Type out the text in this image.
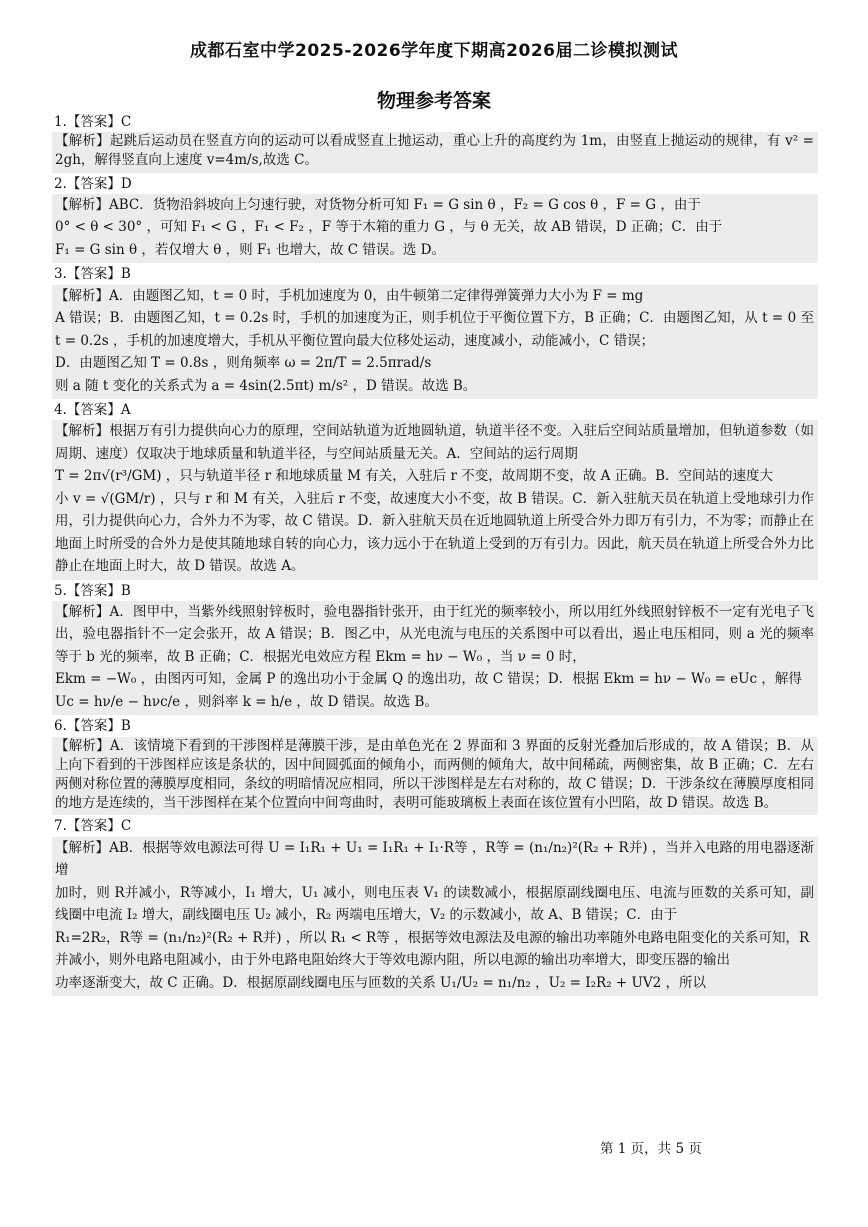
成都石室中学2025-2026学年度下期高2026届二诊模拟测试
物理参考答案
1.【答案】C

【解析】起跳后运动员在竖直方向的运动可以看成竖直上抛运动，重心上升的高度约为 1m，由竖直上抛运动的规律，有 v² = 2gh，解得竖直向上速度 v=4m/s,故选 C。

2.【答案】D

【解析】ABC．货物沿斜坡向上匀速行驶，对货物分析可知 F₁ = G sin θ ，F₂ = G cos θ ，F = G ，由于

0° < θ < 30° ，可知 F₁ < G ，F₁ < F₂ ，F 等于木箱的重力 G ，与 θ 无关，故 AB 错误，D 正确；C．由于

F₁ = G sin θ ，若仅增大 θ ，则 F₁ 也增大，故 C 错误。选 D。

3.【答案】B

【解析】A．由题图乙知，t = 0 时，手机加速度为 0，由牛顿第二定律得弹簧弹力大小为 F = mg

A 错误；B．由题图乙知，t = 0.2s 时，手机的加速度为正，则手机位于平衡位置下方，B 正确；C．由题图乙知，从 t = 0 至 t = 0.2s ，手机的加速度增大，手机从平衡位置向最大位移处运动，速度减小，动能减小，C 错误；

D．由题图乙知 T = 0.8s ，则角频率 ω = 2π/T = 2.5πrad/s

则 a 随 t 变化的关系式为 a = 4sin(2.5πt) m/s² ，D 错误。故选 B。

4.【答案】A

【解析】根据万有引力提供向心力的原理，空间站轨道为近地圆轨道，轨道半径不变。入驻后空间站质量增加，但轨道参数（如周期、速度）仅取决于地球质量和轨道半径，与空间站质量无关。A．空间站的运行周期

T = 2π√(r³/GM) ，只与轨道半径 r 和地球质量 M 有关，入驻后 r 不变，故周期不变，故 A 正确。B．空间站的速度大

小 v = √(GM/r) ，只与 r 和 M 有关，入驻后 r 不变，故速度大小不变，故 B 错误。C．新入驻航天员在轨道上受地球引力作用，引力提供向心力，合外力不为零，故 C 错误。D．新入驻航天员在近地圆轨道上所受合外力即万有引力，不为零；而静止在地面上时所受的合外力是使其随地球自转的向心力，该力远小于在轨道上受到的万有引力。因此，航天员在轨道上所受合外力比静止在地面上时大，故 D 错误。故选 A。

5.【答案】B

【解析】A．图甲中，当紫外线照射锌板时，验电器指针张开，由于红光的频率较小，所以用红外线照射锌板不一定有光电子飞出，验电器指针不一定会张开，故 A 错误；B．图乙中，从光电流与电压的关系图中可以看出，遏止电压相同，则 a 光的频率等于 b 光的频率，故 B 正确；C．根据光电效应方程 Ekm = hν − W₀ ，当 ν = 0 时，

Ekm = −W₀ ，由图丙可知，金属 P 的逸出功小于金属 Q 的逸出功，故 C 错误；D．根据 Ekm = hν − W₀ = eUc ，解得

Uc = hν/e − hνc/e ，则斜率 k = h/e ，故 D 错误。故选 B。

6.【答案】B

【解析】A．该情境下看到的干涉图样是薄膜干涉，是由单色光在 2 界面和 3 界面的反射光叠加后形成的，故 A 错误；B．从上向下看到的干涉图样应该是条状的，因中间圆弧面的倾角小，而两侧的倾角大，故中间稀疏，两侧密集，故 B 正确；C．左右两侧对称位置的薄膜厚度相同，条纹的明暗情况应相同，所以干涉图样是左右对称的，故 C 错误；D．干涉条纹在薄膜厚度相同的地方是连续的，当干涉图样在某个位置向中间弯曲时，表明可能玻璃板上表面在该位置有小凹陷，故 D 错误。故选 B。

7.【答案】C

【解析】AB．根据等效电源法可得 U = I₁R₁ + U₁ = I₁R₁ + I₁·R等 ，R等 = (n₁/n₂)²(R₂ + R并) ，当并入电路的用电器逐渐增

加时，则 R并减小，R等减小，I₁ 增大，U₁ 减小，则电压表 V₁ 的读数减小，根据原副线圈电压、电流与匝数的关系可知，副线圈中电流 I₂ 增大，副线圈电压 U₂ 减小，R₂ 两端电压增大，V₂ 的示数减小，故 A、B 错误；C．由于

R₁=2R₂，R等 = (n₁/n₂)²(R₂ + R并) ，所以 R₁ < R等 ，根据等效电源法及电源的输出功率随外电路电阻变化的关系可知，R

并减小，则外电路电阻减小，由于外电路电阻始终大于等效电源内阻，所以电源的输出功率增大，即变压器的输出

功率逐渐变大，故 C 正确。D．根据原副线圈电压与匝数的关系 U₁/U₂ = n₁/n₂ ，U₂ = I₂R₂ + UV2 ，所以

第 1 页，共 5 页
